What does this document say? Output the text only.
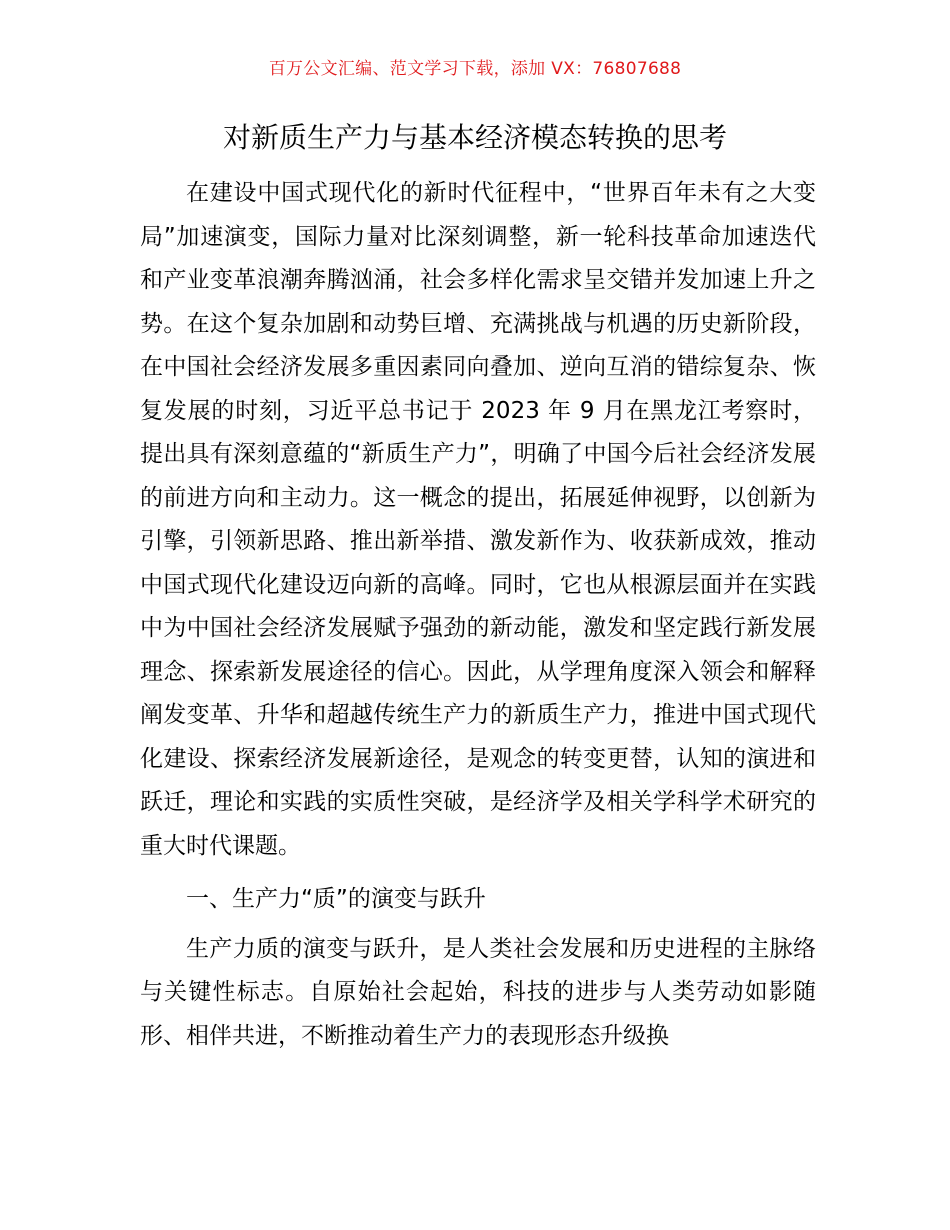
百万公文汇编、范文学习下载，添加 VX：76807688
对新质生产力与基本经济模态转换的思考

在建设中国式现代化的新时代征程中，“世界百年未有之大变局”加速演变，国际力量对比深刻调整，新一轮科技革命加速迭代和产业变革浪潮奔腾汹涌，社会多样化需求呈交错并发加速上升之势。在这个复杂加剧和动势巨增、充满挑战与机遇的历史新阶段，在中国社会经济发展多重因素同向叠加、逆向互消的错综复杂、恢复发展的时刻，习近平总书记于 2023 年 9 月在黑龙江考察时，提出具有深刻意蕴的“新质生产力”，明确了中国今后社会经济发展的前进方向和主动力。这一概念的提出，拓展延伸视野，以创新为引擎，引领新思路、推出新举措、激发新作为、收获新成效，推动中国式现代化建设迈向新的高峰。同时，它也从根源层面并在实践中为中国社会经济发展赋予强劲的新动能，激发和坚定践行新发展理念、探索新发展途径的信心。因此，从学理角度深入领会和解释阐发变革、升华和超越传统生产力的新质生产力，推进中国式现代化建设、探索经济发展新途径，是观念的转变更替，认知的演进和跃迁，理论和实践的实质性突破，是经济学及相关学科学术研究的重大时代课题。

一、生产力“质”的演变与跃升

生产力质的演变与跃升，是人类社会发展和历史进程的主脉络与关键性标志。自原始社会起始，科技的进步与人类劳动如影随形、相伴共进，不断推动着生产力的表现形态升级换
